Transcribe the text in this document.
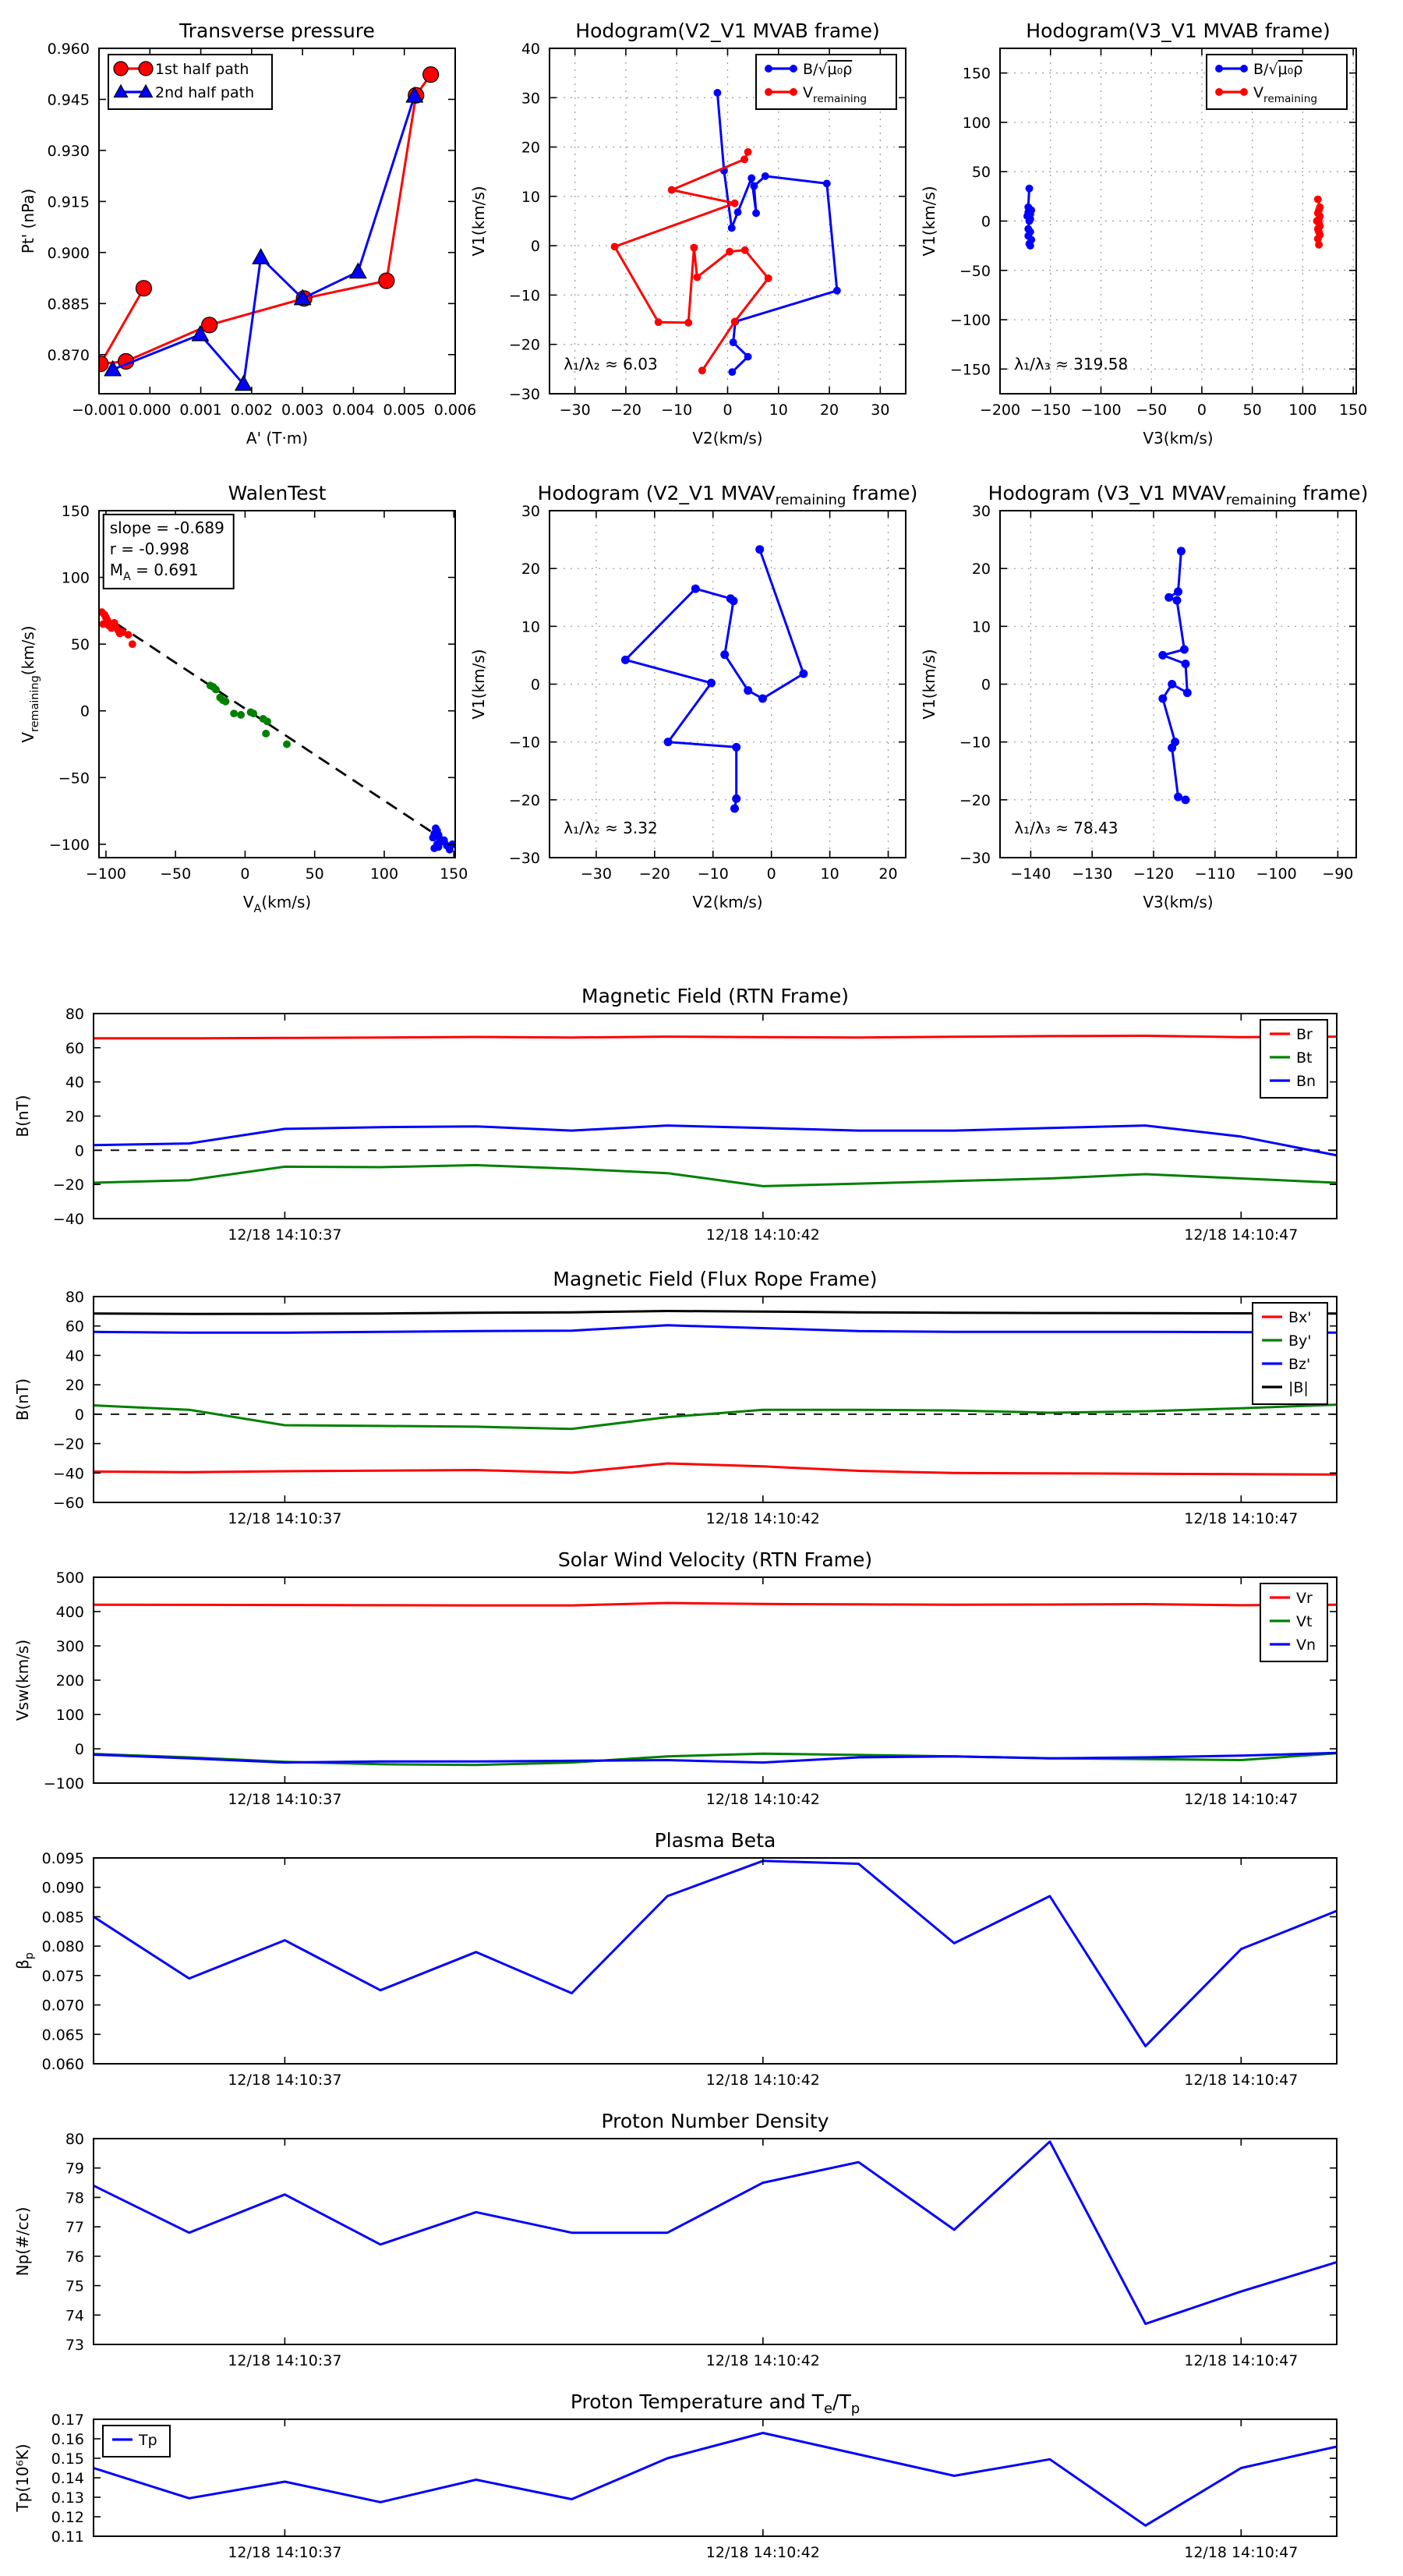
−0.001 0.000 0.001 0.002 0.003 0.004 0.005 0.006
0.870
0.885
0.900
0.915
0.930
0.945
0.960
Transverse pressure
A' (T·m)
Pt' (nPa)
1st half path
2nd half path
−30 −20 −10 0 10 20 30
−30
−20
−10
0
10
20
30
40
Hodogram(V2_V1 MVAB frame)
V2(km/s)
V1(km/s)
λ₁/λ₂ ≈ 6.03
B/√μ₀ρ
$V_{remaining}$
−200 −150 −100 −50 0 50 100 150
−150
−100
−50
0
50
100
150
Hodogram(V3_V1 MVAB frame)
V3(km/s)
V1(km/s)
λ₁/λ₃ ≈ 319.58
B/√μ₀ρ
$V_{remaining}$
−100 −50	0	50	100	150
−100
−50
0
50
100
150
WalenTest
$V_A(km/s)$
$V_{remaining}(km/s)$
slope = -0.689
r = -0.998
$M_A = 0.691$
−30 −20 −10	0	10	20
−30
−20
−10
0
10
20
30
Hodogram (V2_V1 $MVAV_{remaining}$ frame)
V2(km/s)
V1(km/s)
λ₁/λ₂ ≈ 3.32
−140 −130 −120 −110 −100 −90
−30
−20
−10
0
10
20
30
Hodogram (V3_V1 $MVAV_{remaining}$ frame)
V3(km/s)
V1(km/s)
λ₁/λ₃ ≈ 78.43
12/18 14:10:37	12/18 14:10:42	12/18 14:10:47
−40
−20
0
20
40
60
80
Magnetic Field (RTN Frame)
B(nT)
Br
Bt
Bn
12/18 14:10:37	12/18 14:10:42	12/18 14:10:47
−60
−40
−20
0
20
40
60
80
Magnetic Field (Flux Rope Frame)
B(nT)
Bx'
By'
Bz'
|B|
12/18 14:10:37	12/18 14:10:42	12/18 14:10:47
−100
0
100
200
300
400
500
Solar Wind Velocity (RTN Frame)
Vsw(km/s)
Vr
Vt
Vn
12/18 14:10:37	12/18 14:10:42	12/18 14:10:47
0.060
0.065
0.070
0.075
0.080
0.085
0.090
0.095
Plasma Beta
$\beta_p$
12/18 14:10:37	12/18 14:10:42	12/18 14:10:47
73
74
75
76
77
78
79
80
Proton Number Density
Np(#/cc)
12/18 14:10:37	12/18 14:10:42	12/18 14:10:47
0.11
0.12
0.13
0.14
0.15
0.16
0.17
Proton Temperature and $T_e/T_p$
Tp(10⁶K)
Tp
